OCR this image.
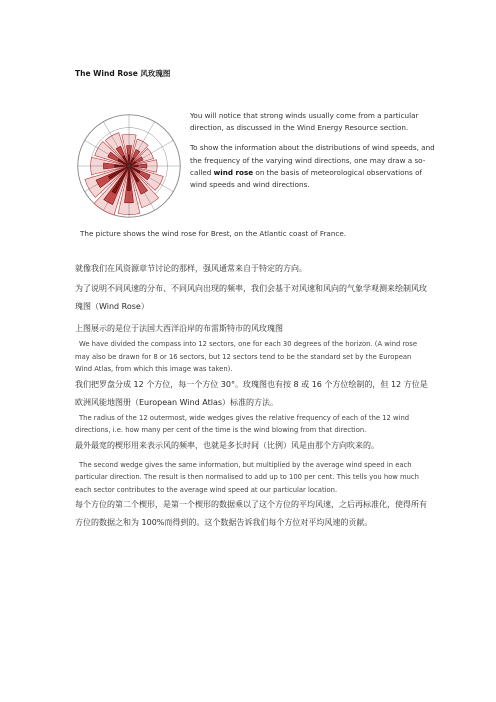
The Wind Rose 风玫瑰图

You will notice that strong winds usually come from a particular direction, as discussed in the Wind Energy Resource section.

To show the information about the distributions of wind speeds, and the frequency of the varying wind directions, one may draw a so-called wind rose on the basis of meteorological observations of wind speeds and wind directions.

The picture shows the wind rose for Brest, on the Atlantic coast of France.

就像我们在风资源章节讨论的那样，强风通常来自于特定的方向。

为了说明不同风速的分布、不同风向出现的频率，我们会基于对风速和风向的气象学观测来绘制风玫瑰图（Wind Rose）

上图展示的是位于法国大西洋沿岸的布雷斯特市的风玫瑰图

We have divided the compass into 12 sectors, one for each 30 degrees of the horizon. (A wind rose may also be drawn for 8 or 16 sectors, but 12 sectors tend to be the standard set by the European Wind Atlas, from which this image was taken).

我们把罗盘分成 12 个方位，每一个方位 30°。玫瑰图也有按 8 或 16 个方位绘制的，但 12 方位是欧洲风能地图册（European Wind Atlas）标准的方法。

The radius of the 12 outermost, wide wedges gives the relative frequency of each of the 12 wind directions, i.e. how many per cent of the time is the wind blowing from that direction.

最外最宽的楔形用来表示风的频率，也就是多长时间（比例）风是由那个方向吹来的。

The second wedge gives the same information, but multiplied by the average wind speed in each particular direction. The result is then normalised to add up to 100 per cent. This tells you how much each sector contributes to the average wind speed at our particular location.

每个方位的第二个楔形，是第一个楔形的数据乘以了这个方位的平均风速，之后再标准化，使得所有方位的数据之和为 100%而得到的。这个数据告诉我们每个方位对平均风速的贡献。
